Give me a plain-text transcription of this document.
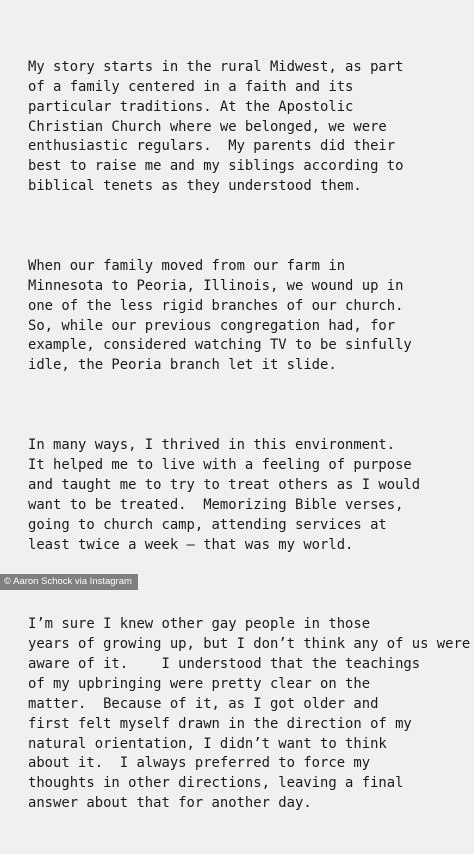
My story starts in the rural Midwest, as part
of a family centered in a faith and its
particular traditions. At the Apostolic
Christian Church where we belonged, we were
enthusiastic regulars.  My parents did their
best to raise me and my siblings according to
biblical tenets as they understood them.

When our family moved from our farm in
Minnesota to Peoria, Illinois, we wound up in
one of the less rigid branches of our church.
So, while our previous congregation had, for
example, considered watching TV to be sinfully
idle, the Peoria branch let it slide.

In many ways, I thrived in this environment.
It helped me to live with a feeling of purpose
and taught me to try to treat others as I would
want to be treated.  Memorizing Bible verses,
going to church camp, attending services at
least twice a week – that was my world.

I’m sure I knew other gay people in those
years of growing up, but I don’t think any of us were
aware of it.    I understood that the teachings
of my upbringing were pretty clear on the
matter.  Because of it, as I got older and
first felt myself drawn in the direction of my
natural orientation, I didn’t want to think
about it.  I always preferred to force my
thoughts in other directions, leaving a final
answer about that for another day.

© Aaron Schock via Instagram
